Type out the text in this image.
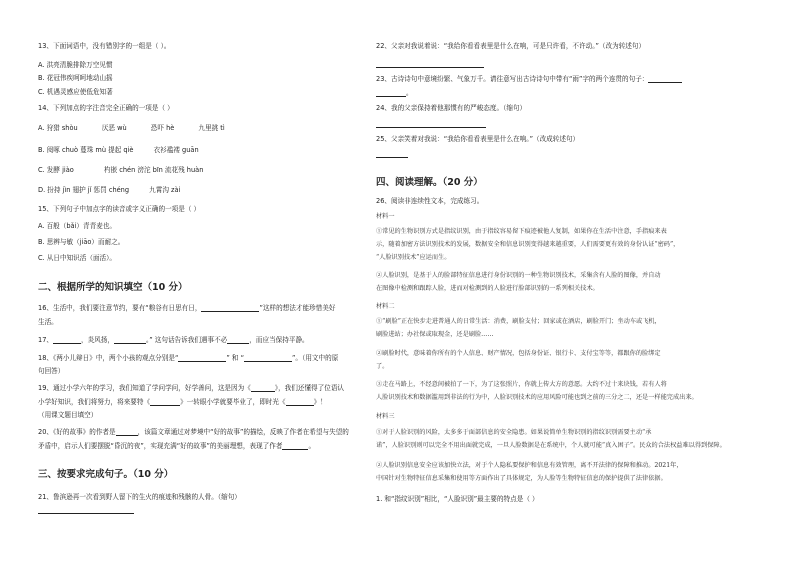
13、下面词语中，没有错别字的一组是（ ）。
A. 洪亮清脆排除万空见惯
B. 花冠伟疾呵呵地动山摇
C. 机遇灵感应使低危知著
14、下列加点的字注音完全正确的一项是（ ）
A. 狩猎 shòu	厌恶 wù	恐吓 hè	九里挑 tì
B. 阅啄 chuò 蔓珠 mù 提起 qiè	衣衫褴褛 guān
C. 发酵 jiào	杓嵌 chén 滂沱 bīn 流花残 huàn
D. 扮持 jìn 翅护 jǐ 惩罚 chéng	九霄沟 zài
15、下列句子中加点字的读音或字义正确的一项是（ ）
A. 百般（bǎi）青青麦也。
B. 思辨与敏（jiāo）而耐之。
C. 从日中知识活（面活）。
二、根据所学的知识填空（10 分）
16、生活中，我们要注意节约，要有“粮谷有日思有日，	”这样的想法才能珍惜美好
生活。
17、	，炎风扬，	。” 这句话告诉我们遇事不必	，而应当保持平静。
18、《两小儿辩日》中，两个小孩的观点分别是“	” 和 “	”。（用文中的原
句回答）
19、通过小学六年的学习，我们知道了学问学问，好学善问，这是因为《	》，我们还懂得了位语认
小学好知识，我们将努力，将来要特《	》一转眼小学就要毕业了，即时光《	》！
（用课文题目填空）
20、《好的故事》的作者是	，该篇文章通过对梦境中“好的故事”的描绘，反映了作者在希望与失望的
矛盾中，启示人们要摆脱“昏沉的夜”，实现充满“好的故事”的美丽理想，表现了作者	。
三、按要求完成句子。（10 分）
21、鲁滨逊再一次看到野人留下的生火的痕迹和残骸的人骨。（缩句）
22、父亲对我说着说：“我给你看看表里是什么在响，可是只许看，不许动。”（改为转述句）
23、古诗诗句中意境纷繁、气象万千。请往意写出古诗诗句中带有“雨”字的两个连贯的句子：
。
24、我的父亲保持着他那惯有的严峻态度。（缩句）
25、父亲笑着对我说：“我给你看看表里是什么在响。”（改成转述句）
四、阅读理解。（20 分）
26、阅读非连续性文本，完成练习。
材料一
①常见的生物识别方式是指纹识别，由于指纹容易留下痕迹被他人复制，如果你在生活中注意，手指痕来表
示，随着加密方法识别技术的发展，数据安全和信息识别变得越来越重要，人们需要更有效的身份认证“密码”，
“人脸识别技术”应运而生。
②人脸识别，是基于人的脸部特征信息进行身份识别的一种生物识别技术，采集含有人脸的图像，并自动
在图像中检测和跟踪人脸，进而对检测到的人脸进行脸部识别的一系列相关技术。
材料二
①“刷脸”正在快步走进普通人的日常生活：消费，刷脸支付；回家或在酒店，刷脸开门；坐动车或飞机，
刷脸进站；办社保或取现金，还是刷脸……
②刷脸时代，意味着你所有的个人信息、财产情况，包括身份证、银行卡、支付宝等等，都跟你的脸绑定
了。
③走在马路上，不经意间被拍了一下，为了这张照片，你就上传大方的意愿。大约不过十来块钱，若有人将
人脸识别技术和数据滥用到非法的行为中，人脸识别技术的应用风险可能也到之前的三分之二，还是一样能完成出来。
材料三
①对于人脸识别的风险，太多多于面部信息的安全隐患。如果说简单生物识别的指纹识别需要主动“承
诺”，人脸识别则可以完全不用出面就完成，一旦人脸数据是在系统中，个人就可能“真入困子”。民众的合法权益难以得到保障。
②人脸识别信息安全应该加快立法，对于个人隐私要保护和信息有效管理，离不开法律的保障和推动。2021年，
中国针对生物特征信息采集和使用等方面作出了具体规定，为人脸等生物特征信息的保护提供了法律依据。
1. 和“指纹识别”相比，“人脸识别”最主要的特点是（ ）
